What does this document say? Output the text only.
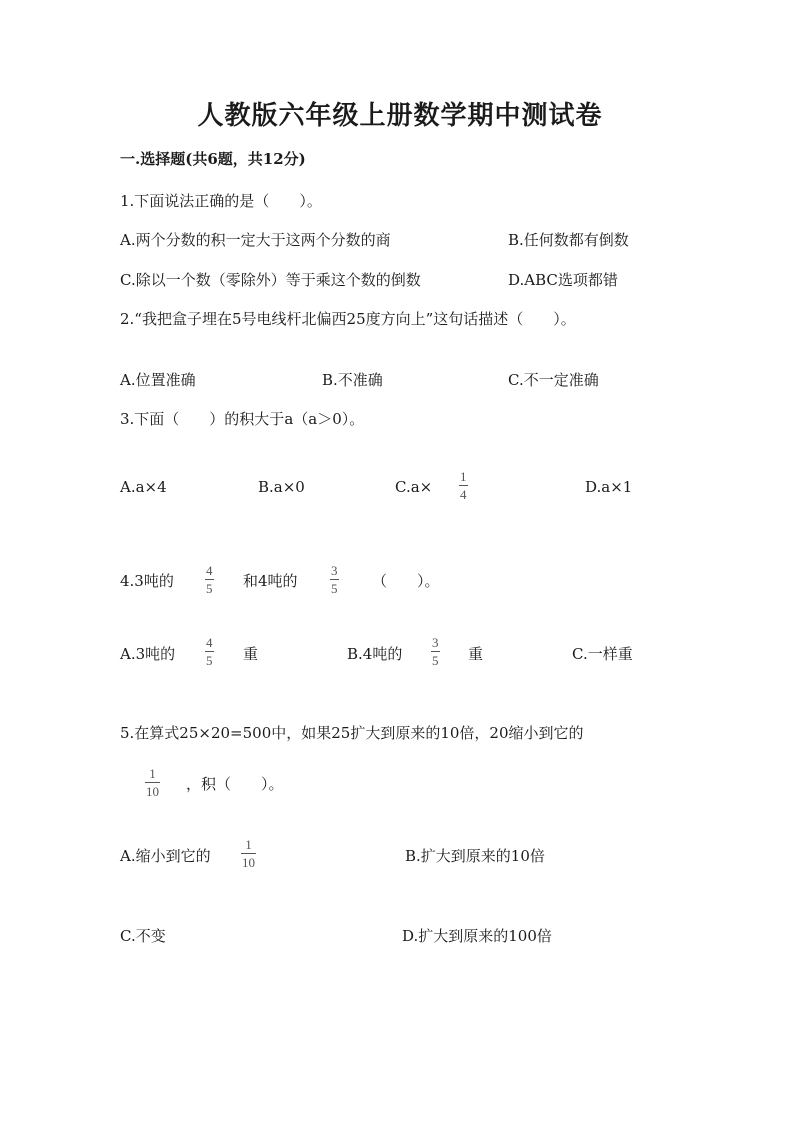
人教版六年级上册数学期中测试卷
一.选择题(共6题，共12分)
1.下面说法正确的是（　　）。
A.两个分数的积一定大于这两个分数的商	B.任何数都有倒数
C.除以一个数（零除外）等于乘这个数的倒数	D.ABC选项都错
2.“我把盒子埋在5号电线杆北偏西25度方向上”这句话描述（　　）。
A.位置准确	B.不准确	C.不一定准确
3.下面（　　）的积大于a（a＞0）。
A.a×4	B.a×0	C.a×
1
4	D.a×1
4.3吨的
4
5 和4吨的
3
5 （　　）。
A.3吨的
4
5 重	B.4吨的
3
5 重	C.一样重
5.在算式25×20=500中，如果25扩大到原来的10倍，20缩小到它的
1
10 ，积（　　）。
A.缩小到它的
1
10	B.扩大到原来的10倍
C.不变	D.扩大到原来的100倍
